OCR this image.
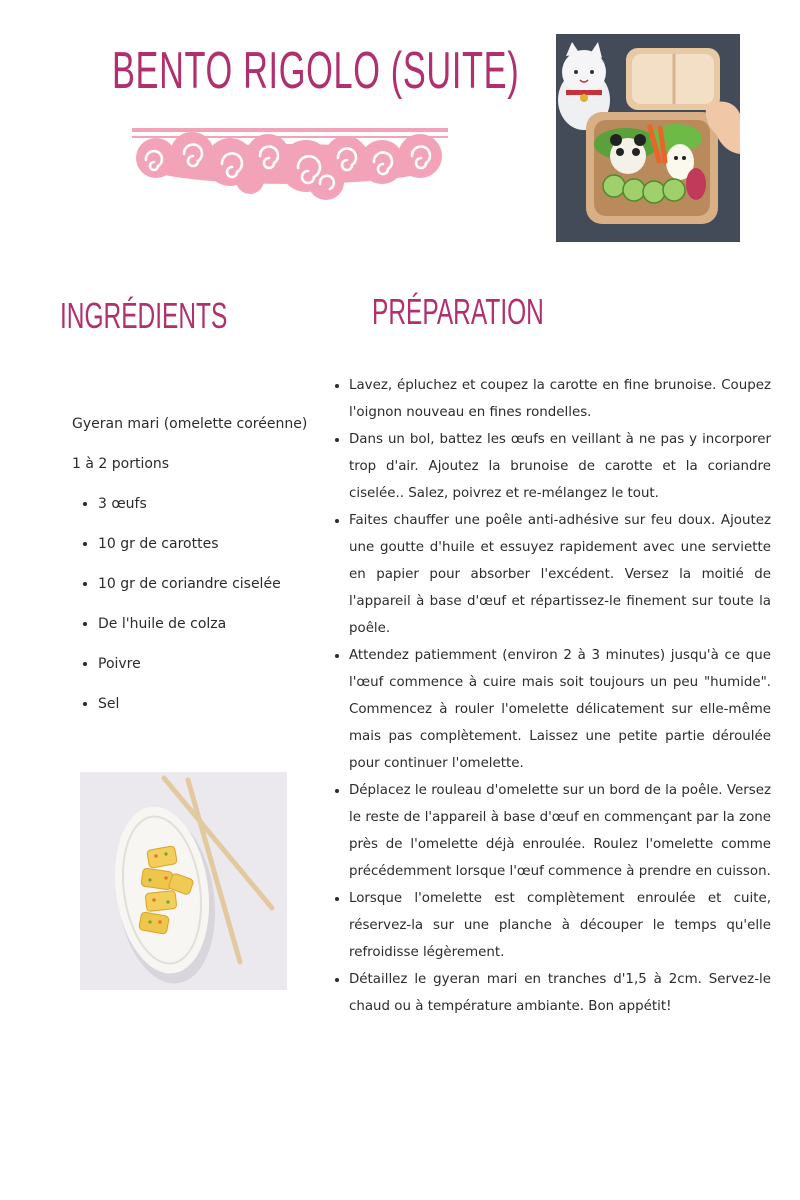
BENTO RIGOLO (SUITE)
INGRÉDIENTS	PRÉPARATION

Gyeran mari (omelette coréenne)

1 à 2 portions

• 3 œufs
• 10 gr de carottes
• 10 gr de coriandre ciselée
• De l'huile de colza
• Poivre
• Sel
• Lavez, épluchez et coupez la carotte en fine brunoise. Coupez l'oignon nouveau en fines rondelles.
• Dans un bol, battez les œufs en veillant à ne pas y incorporer trop d'air. Ajoutez la brunoise de carotte et la coriandre ciselée.. Salez, poivrez et re-mélangez le tout.
• Faites chauffer une poêle anti-adhésive sur feu doux. Ajoutez une goutte d'huile et essuyez rapidement avec une serviette en papier pour absorber l'excédent. Versez la moitié de l'appareil à base d'œuf et répartissez-le finement sur toute la poêle.
• Attendez patiemment (environ 2 à 3 minutes) jusqu'à ce que l'œuf commence à cuire mais soit toujours un peu "humide". Commencez à rouler l'omelette délicatement sur elle-même mais pas complètement. Laissez une petite partie déroulée pour continuer l'omelette.
• Déplacez le rouleau d'omelette sur un bord de la poêle. Versez le reste de l'appareil à base d'œuf en commençant par la zone près de l'omelette déjà enroulée. Roulez l'omelette comme précédemment lorsque l'œuf commence à prendre en cuisson.
• Lorsque l'omelette est complètement enroulée et cuite, réservez-la sur une planche à découper le temps qu'elle refroidisse légèrement.
• Détaillez le gyeran mari en tranches d'1,5 à 2cm. Servez-le chaud ou à température ambiante. Bon appétit!
